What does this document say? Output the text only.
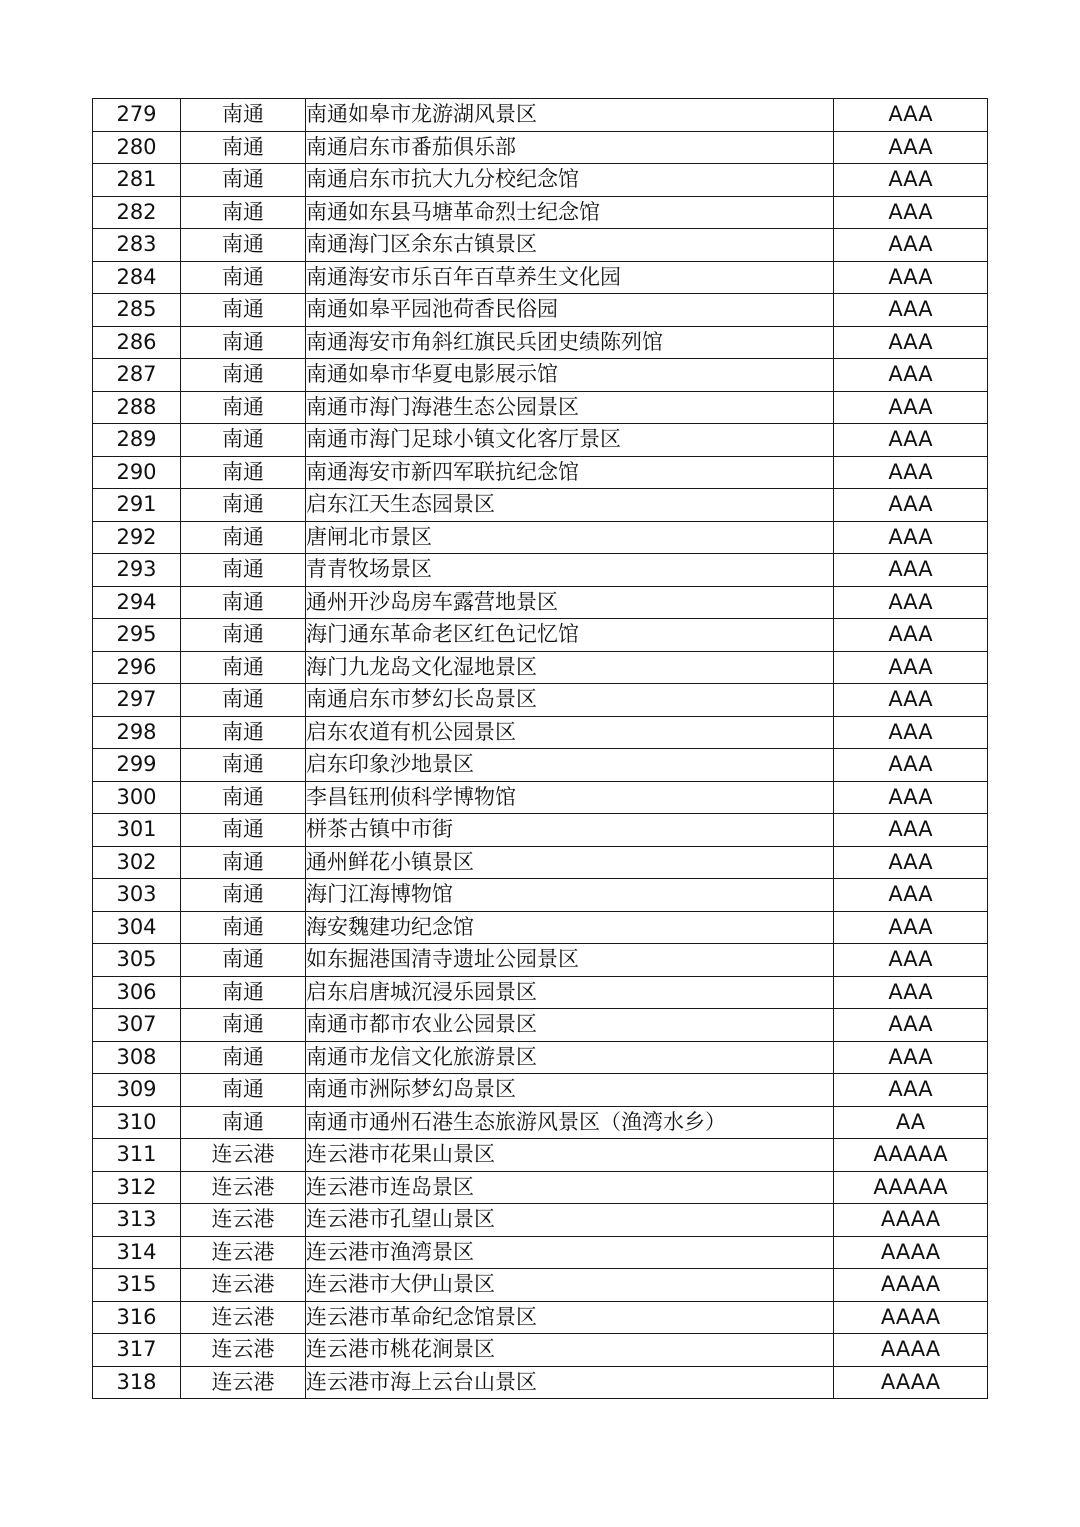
279	南通	南通如皋市龙游湖风景区	AAA
280	南通	南通启东市番茄俱乐部	AAA
281	南通	南通启东市抗大九分校纪念馆	AAA
282	南通	南通如东县马塘革命烈士纪念馆	AAA
283	南通	南通海门区余东古镇景区	AAA
284	南通	南通海安市乐百年百草养生文化园	AAA
285	南通	南通如皋平园池荷香民俗园	AAA
286	南通	南通海安市角斜红旗民兵团史绩陈列馆	AAA
287	南通	南通如皋市华夏电影展示馆	AAA
288	南通	南通市海门海港生态公园景区	AAA
289	南通	南通市海门足球小镇文化客厅景区	AAA
290	南通	南通海安市新四军联抗纪念馆	AAA
291	南通	启东江天生态园景区	AAA
292	南通	唐闸北市景区	AAA
293	南通	青青牧场景区	AAA
294	南通	通州开沙岛房车露营地景区	AAA
295	南通	海门通东革命老区红色记忆馆	AAA
296	南通	海门九龙岛文化湿地景区	AAA
297	南通	南通启东市梦幻长岛景区	AAA
298	南通	启东农道有机公园景区	AAA
299	南通	启东印象沙地景区	AAA
300	南通	李昌钰刑侦科学博物馆	AAA
301	南通	栟茶古镇中市街	AAA
302	南通	通州鲜花小镇景区	AAA
303	南通	海门江海博物馆	AAA
304	南通	海安魏建功纪念馆	AAA
305	南通	如东掘港国清寺遗址公园景区	AAA
306	南通	启东启唐城沉浸乐园景区	AAA
307	南通	南通市都市农业公园景区	AAA
308	南通	南通市龙信文化旅游景区	AAA
309	南通	南通市洲际梦幻岛景区	AAA
310	南通	南通市通州石港生态旅游风景区（渔湾水乡）	AA
311	连云港	连云港市花果山景区	AAAAA
312	连云港	连云港市连岛景区	AAAAA
313	连云港	连云港市孔望山景区	AAAA
314	连云港	连云港市渔湾景区	AAAA
315	连云港	连云港市大伊山景区	AAAA
316	连云港	连云港市革命纪念馆景区	AAAA
317	连云港	连云港市桃花涧景区	AAAA
318	连云港	连云港市海上云台山景区	AAAA
